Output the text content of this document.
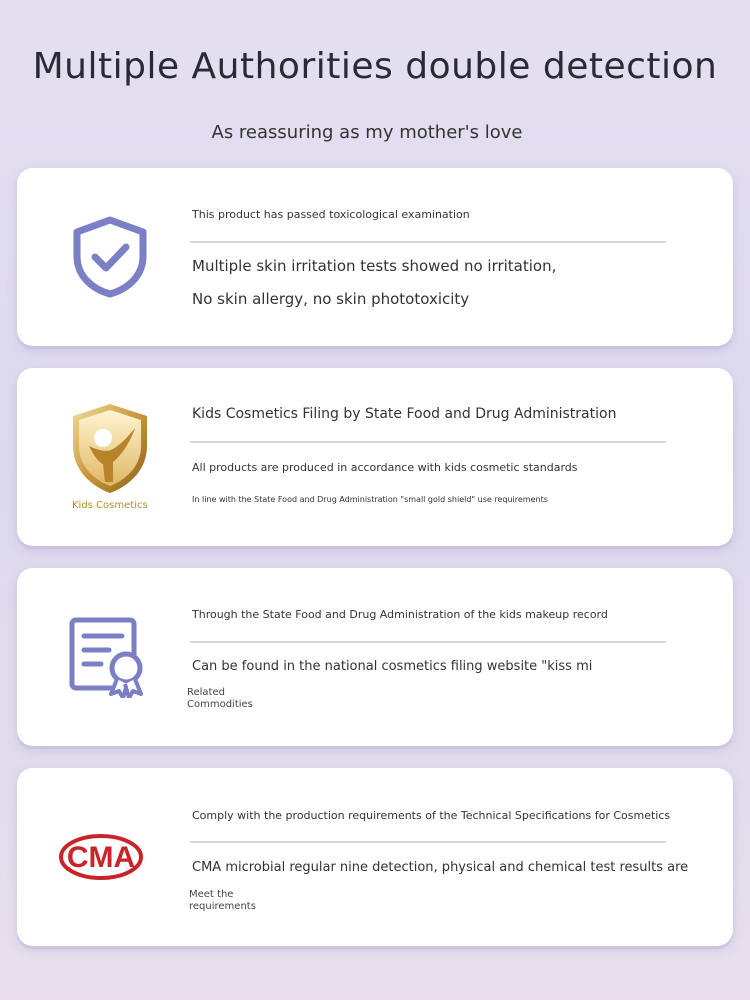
Multiple Authorities double detection
As reassuring as my mother's love
This product has passed toxicological examination
Multiple skin irritation tests showed no irritation,
No skin allergy, no skin phototoxicity
Kids Cosmetics
Kids Cosmetics Filing by State Food and Drug Administration
All products are produced in accordance with kids cosmetic standards
In line with the State Food and Drug Administration "small gold shield" use requirements
Related
Commodities
Through the State Food and Drug Administration of the kids makeup record
Can be found in the national cosmetics filing website "kiss mi
CMA
Meet the
requirements
Comply with the production requirements of the Technical Specifications for Cosmetics
CMA microbial regular nine detection, physical and chemical test results are
